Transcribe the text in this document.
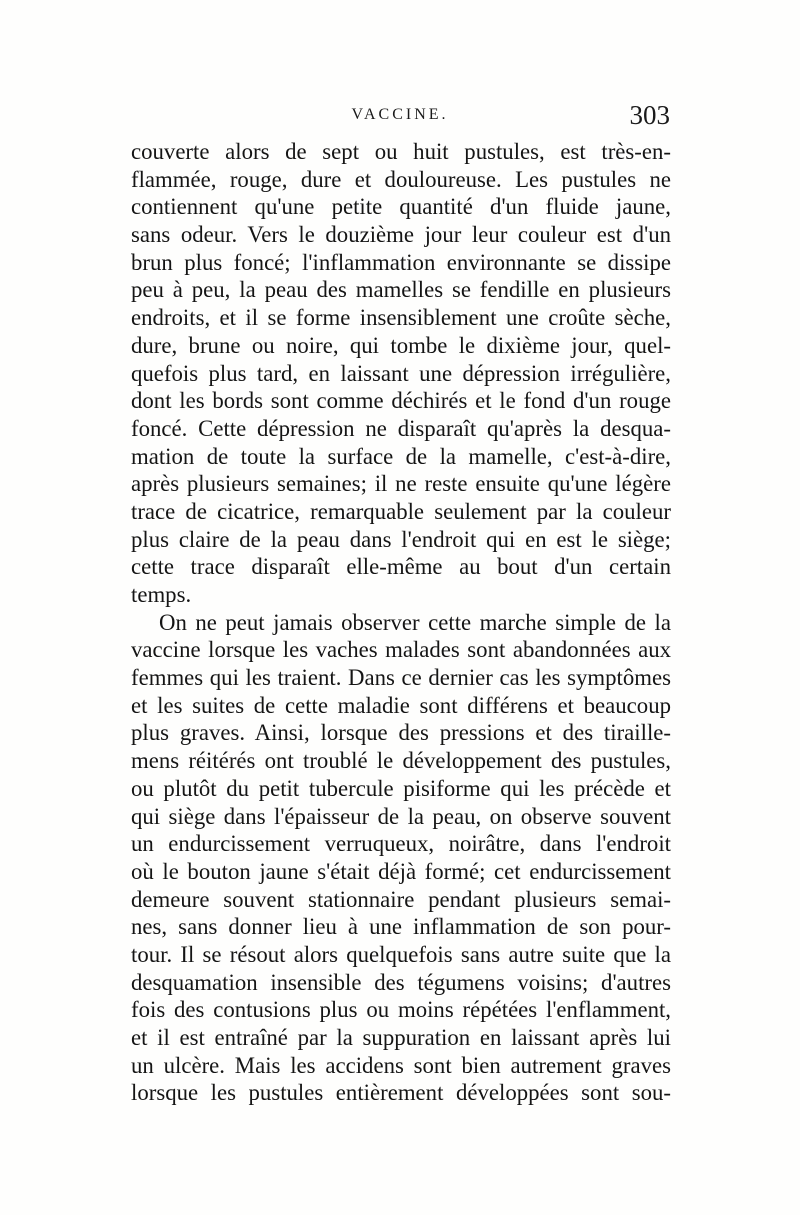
VACCINE.	303
couverte alors de sept ou huit pustules, est très-en-
flammée, rouge, dure et douloureuse. Les pustules ne
contiennent qu'une petite quantité d'un fluide jaune,
sans odeur. Vers le douzième jour leur couleur est d'un
brun plus foncé; l'inflammation environnante se dissipe
peu à peu, la peau des mamelles se fendille en plusieurs
endroits, et il se forme insensiblement une croûte sèche,
dure, brune ou noire, qui tombe le dixième jour, quel-
quefois plus tard, en laissant une dépression irrégulière,
dont les bords sont comme déchirés et le fond d'un rouge
foncé. Cette dépression ne disparaît qu'après la desqua-
mation de toute la surface de la mamelle, c'est-à-dire,
après plusieurs semaines; il ne reste ensuite qu'une légère
trace de cicatrice, remarquable seulement par la couleur
plus claire de la peau dans l'endroit qui en est le siège;
cette trace disparaît elle-même au bout d'un certain
temps.
On ne peut jamais observer cette marche simple de la
vaccine lorsque les vaches malades sont abandonnées aux
femmes qui les traient. Dans ce dernier cas les symptômes
et les suites de cette maladie sont différens et beaucoup
plus graves. Ainsi, lorsque des pressions et des tiraille-
mens réitérés ont troublé le développement des pustules,
ou plutôt du petit tubercule pisiforme qui les précède et
qui siège dans l'épaisseur de la peau, on observe souvent
un endurcissement verruqueux, noirâtre, dans l'endroit
où le bouton jaune s'était déjà formé; cet endurcissement
demeure souvent stationnaire pendant plusieurs semai-
nes, sans donner lieu à une inflammation de son pour-
tour. Il se résout alors quelquefois sans autre suite que la
desquamation insensible des tégumens voisins; d'autres
fois des contusions plus ou moins répétées l'enflamment,
et il est entraîné par la suppuration en laissant après lui
un ulcère. Mais les accidens sont bien autrement graves
lorsque les pustules entièrement développées sont sou-
